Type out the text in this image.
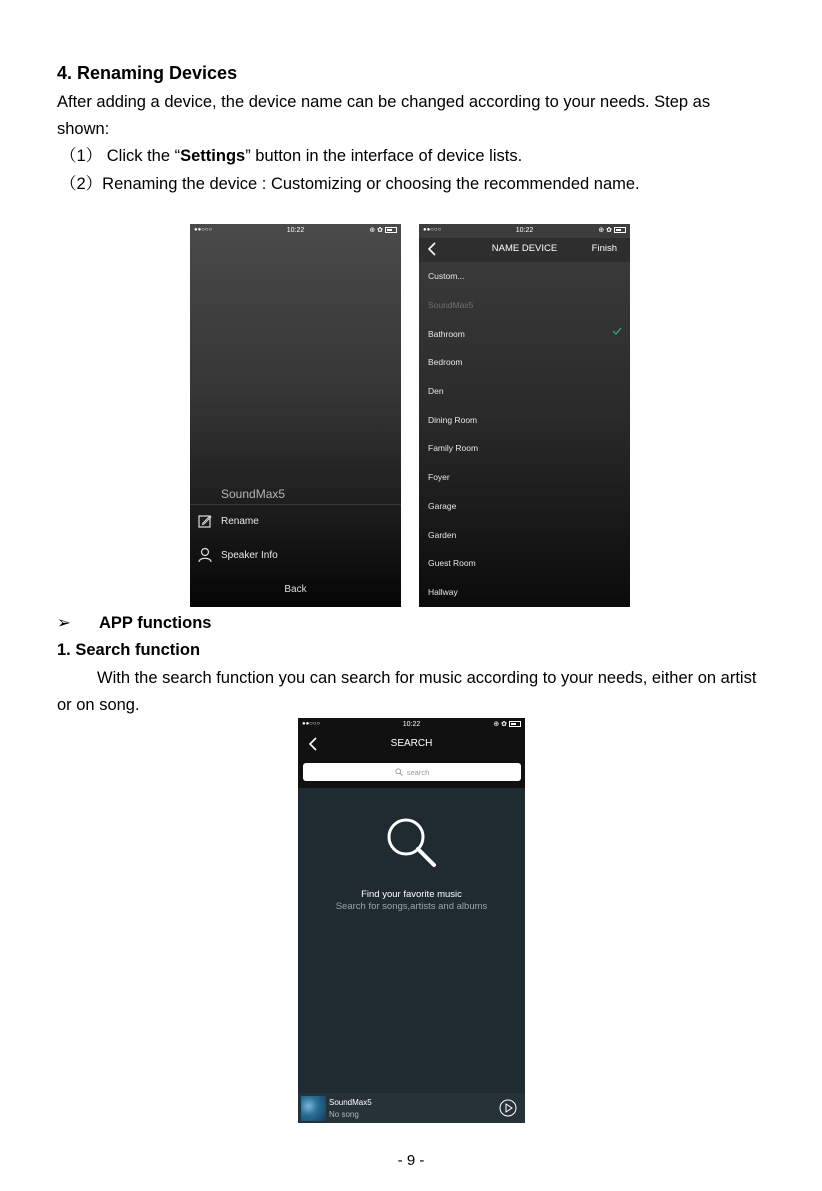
4. Renaming Devices
After adding a device, the device name can be changed according to your needs. Step as shown:
（1） Click the “Settings” button in the interface of device lists.
（2）Renaming the device : Customizing or choosing the recommended name.
●●○○○	10:22	⊕ ✿
SoundMax5
Rename
Speaker Info
Back
●●○○○	10:22	⊕ ✿
NAME DEVICE	Finish
Custom...
SoundMax5
Bathroom
Bedroom
Den
Dining Room
Family Room
Foyer
Garage
Garden
Guest Room
Hallway
➢ APP functions
1. Search function
With the search function you can search for music according to your needs, either on artist or on song.
●●○○○	10:22	⊕ ✿
SEARCH
search
Find your favorite music
Search for songs,artists and albums
SoundMax5
No song
- 9 -
